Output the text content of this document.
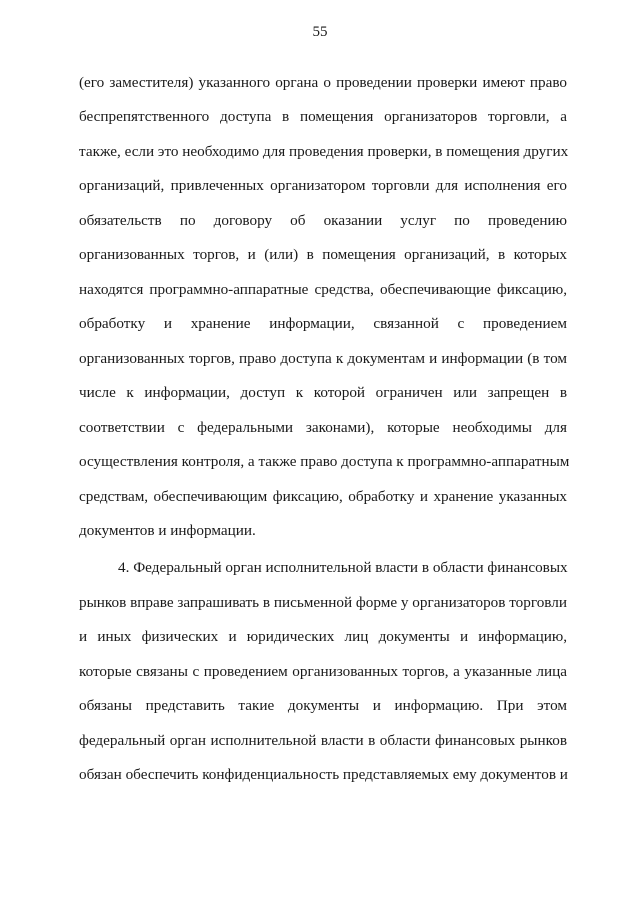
55
(его заместителя) указанного органа о проведении проверки имеют право
беспрепятственного доступа в помещения организаторов торговли, а
также, если это необходимо для проведения проверки, в помещения других
организаций, привлеченных организатором торговли для исполнения его
обязательств по договору об оказании услуг по проведению
организованных торгов, и (или) в помещения организаций, в которых
находятся программно-аппаратные средства, обеспечивающие фиксацию,
обработку и хранение информации, связанной с проведением
организованных торгов, право доступа к документам и информации (в том
числе к информации, доступ к которой ограничен или запрещен в
соответствии с федеральными законами), которые необходимы для
осуществления контроля, а также право доступа к программно-аппаратным
средствам, обеспечивающим фиксацию, обработку и хранение указанных
документов и информации.
4. Федеральный орган исполнительной власти в области финансовых
рынков вправе запрашивать в письменной форме у организаторов торговли
и иных физических и юридических лиц документы и информацию,
которые связаны с проведением организованных торгов, а указанные лица
обязаны представить такие документы и информацию. При этом
федеральный орган исполнительной власти в области финансовых рынков
обязан обеспечить конфиденциальность представляемых ему документов и
